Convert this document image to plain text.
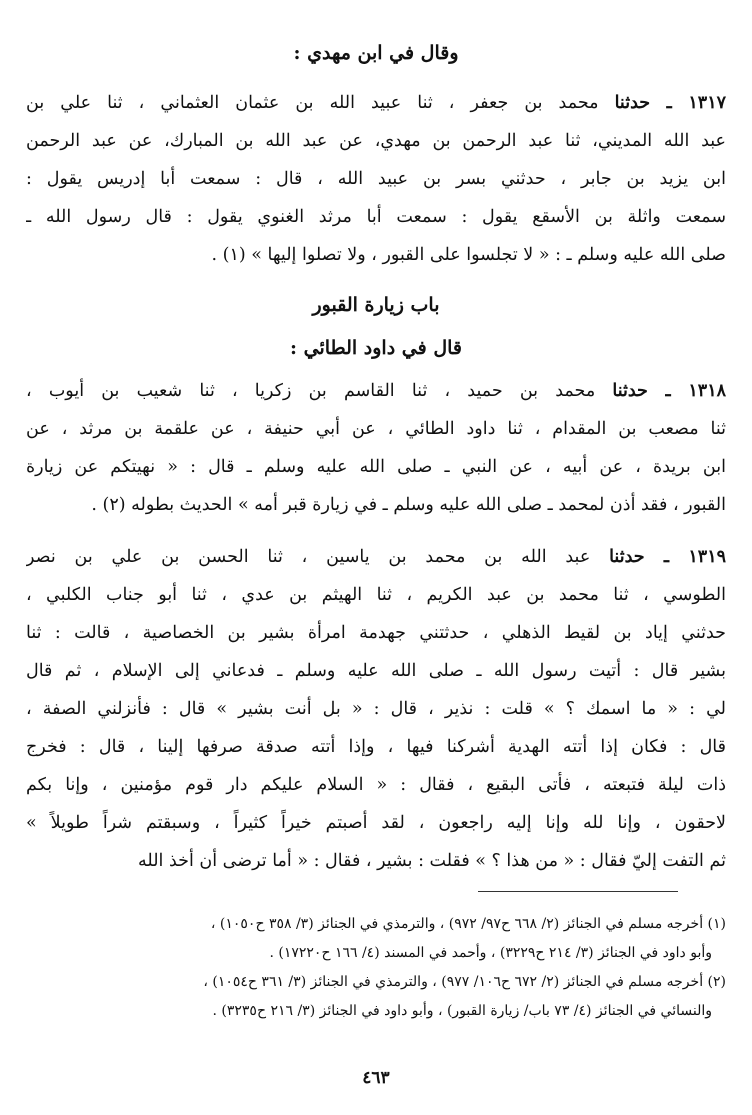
وقال في ابن مهدي :
١٣١٧ ـ حدثنا محمد بن جعفر ، ثنا عبيد الله بن عثمان العثماني ، ثنا علي بن
عبد الله المديني، ثنا عبد الرحمن بن مهدي، عن عبد الله بن المبارك، عن عبد الرحمن
ابن يزيد بن جابر ، حدثني بسر بن عبيد الله ، قال : سمعت أبا إدريس يقول :
سمعت واثلة بن الأسقع يقول : سمعت أبا مرثد الغنوي يقول : قال رسول الله ـ
صلى الله عليه وسلم ـ : « لا تجلسوا على القبور ، ولا تصلوا إليها » (١) .
باب زيارة القبور
قال في داود الطائي :
١٣١٨ ـ حدثنا محمد بن حميد ، ثنا القاسم بن زكريا ، ثنا شعيب بن أيوب ،
ثنا مصعب بن المقدام ، ثنا داود الطائي ، عن أبي حنيفة ، عن علقمة بن مرثد ، عن
ابن بريدة ، عن أبيه ، عن النبي ـ صلى الله عليه وسلم ـ قال : « نهيتكم عن زيارة
القبور ، فقد أذن لمحمد ـ صلى الله عليه وسلم ـ في زيارة قبر أمه » الحديث بطوله (٢) .
١٣١٩ ـ حدثنا عبد الله بن محمد بن ياسين ، ثنا الحسن بن علي بن نصر
الطوسي ، ثنا محمد بن عبد الكريم ، ثنا الهيثم بن عدي ، ثنا أبو جناب الكلبي ،
حدثني إياد بن لقيط الذهلي ، حدثتني جهدمة امرأة بشير بن الخصاصية ، قالت : ثنا
بشير قال : أتيت رسول الله ـ صلى الله عليه وسلم ـ فدعاني إلى الإسلام ، ثم قال
لي : « ما اسمك ؟ » قلت : نذير ، قال : « بل أنت بشير » قال : فأنزلني الصفة ،
قال : فكان إذا أتته الهدية أشركنا فيها ، وإذا أتته صدقة صرفها إلينا ، قال : فخرج
ذات ليلة فتبعته ، فأتى البقيع ، فقال : « السلام عليكم دار قوم مؤمنين ، وإنا بكم
لاحقون ، وإنا لله وإنا إليه راجعون ، لقد أصبتم خيراً كثيراً ، وسبقتم شراً طويلاً »
ثم التفت إليّ فقال : « من هذا ؟ » فقلت : بشير ، فقال : « أما ترضى أن أخذ الله
(١) أخرجه مسلم في الجنائز (٢/ ٦٦٨ ح٩٧/ ٩٧٢) ، والترمذي في الجنائز (٣/ ٣٥٨ ح١٠٥٠) ،
وأبو داود في الجنائز (٣/ ٢١٤ ح٣٢٢٩) ، وأحمد في المسند (٤/ ١٦٦ ح١٧٢٢٠) .
(٢) أخرجه مسلم في الجنائز (٢/ ٦٧٢ ح١٠٦/ ٩٧٧) ، والترمذي في الجنائز (٣/ ٣٦١ ح١٠٥٤) ،
والنسائي في الجنائز (٤/ ٧٣ باب/ زيارة القبور) ، وأبو داود في الجنائز (٣/ ٢١٦ ح٣٢٣٥) .
٤٦٣
